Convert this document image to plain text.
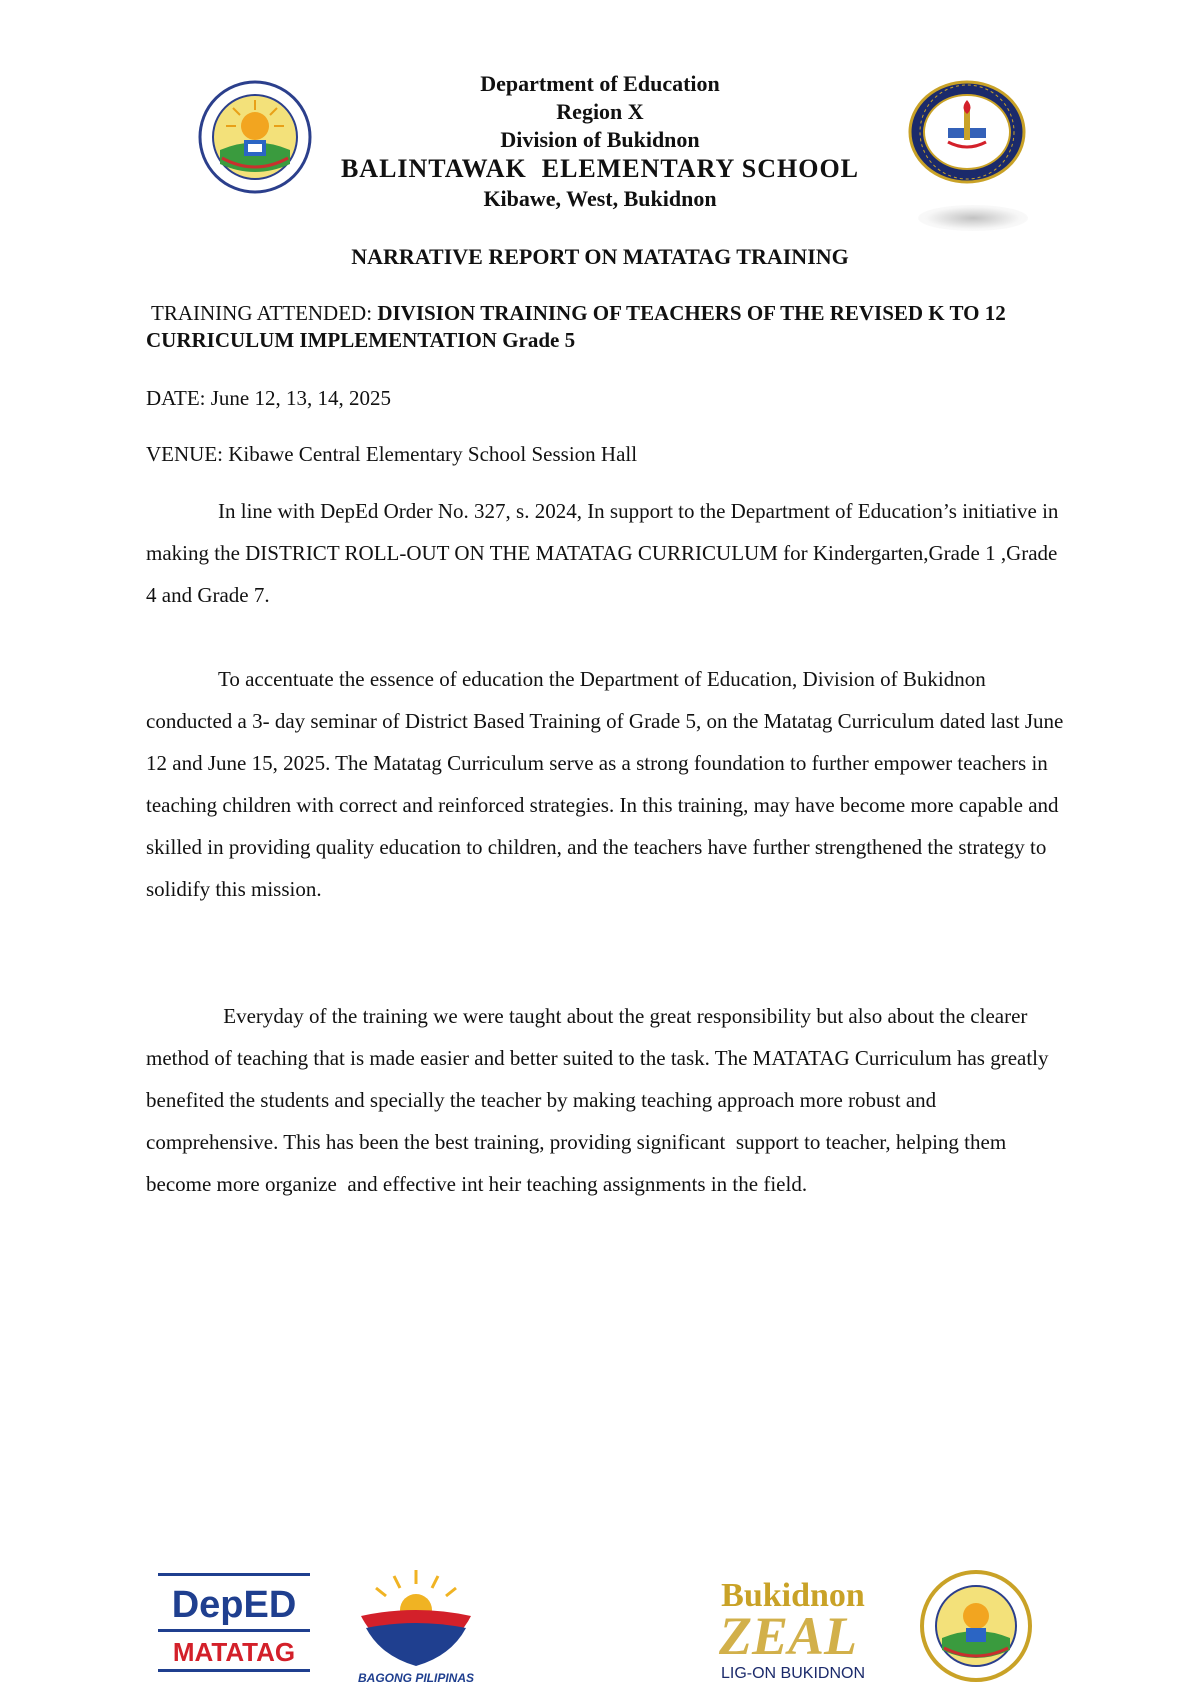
Department of Education
Region X
Division of Bukidnon
BALINTAWAK  ELEMENTARY SCHOOL
Kibawe, West, Bukidnon
NARRATIVE REPORT ON MATATAG TRAINING
TRAINING ATTENDED: DIVISION TRAINING OF TEACHERS OF THE REVISED K TO 12 CURRICULUM IMPLEMENTATION Grade 5
DATE: June 12, 13, 14, 2025
VENUE: Kibawe Central Elementary School Session Hall
In line with DepEd Order No. 327, s. 2024, In support to the Department of Education’s initiative in making the DISTRICT ROLL-OUT ON THE MATATAG CURRICULUM for Kindergarten,Grade 1 ,Grade 4 and Grade 7.
To accentuate the essence of education the Department of Education, Division of Bukidnon conducted a 3- day seminar of District Based Training of Grade 5, on the Matatag Curriculum dated last June 12 and June 15, 2025. The Matatag Curriculum serve as a strong foundation to further empower teachers in teaching children with correct and reinforced strategies. In this training, may have become more capable and skilled in providing quality education to children, and the teachers have further strengthened the strategy to solidify this mission.
Everyday of the training we were taught about the great responsibility but also about the clearer method of teaching that is made easier and better suited to the task. The MATATAG Curriculum has greatly benefited the students and specially the teacher by making teaching approach more robust and comprehensive. This has been the best training, providing significant  support to teacher, helping them become more organize  and effective int heir teaching assignments in the field.
DepED
MATATAG
BAGONG PILIPINAS
Bukidnon
ZEAL
LIG-ON BUKIDNON
